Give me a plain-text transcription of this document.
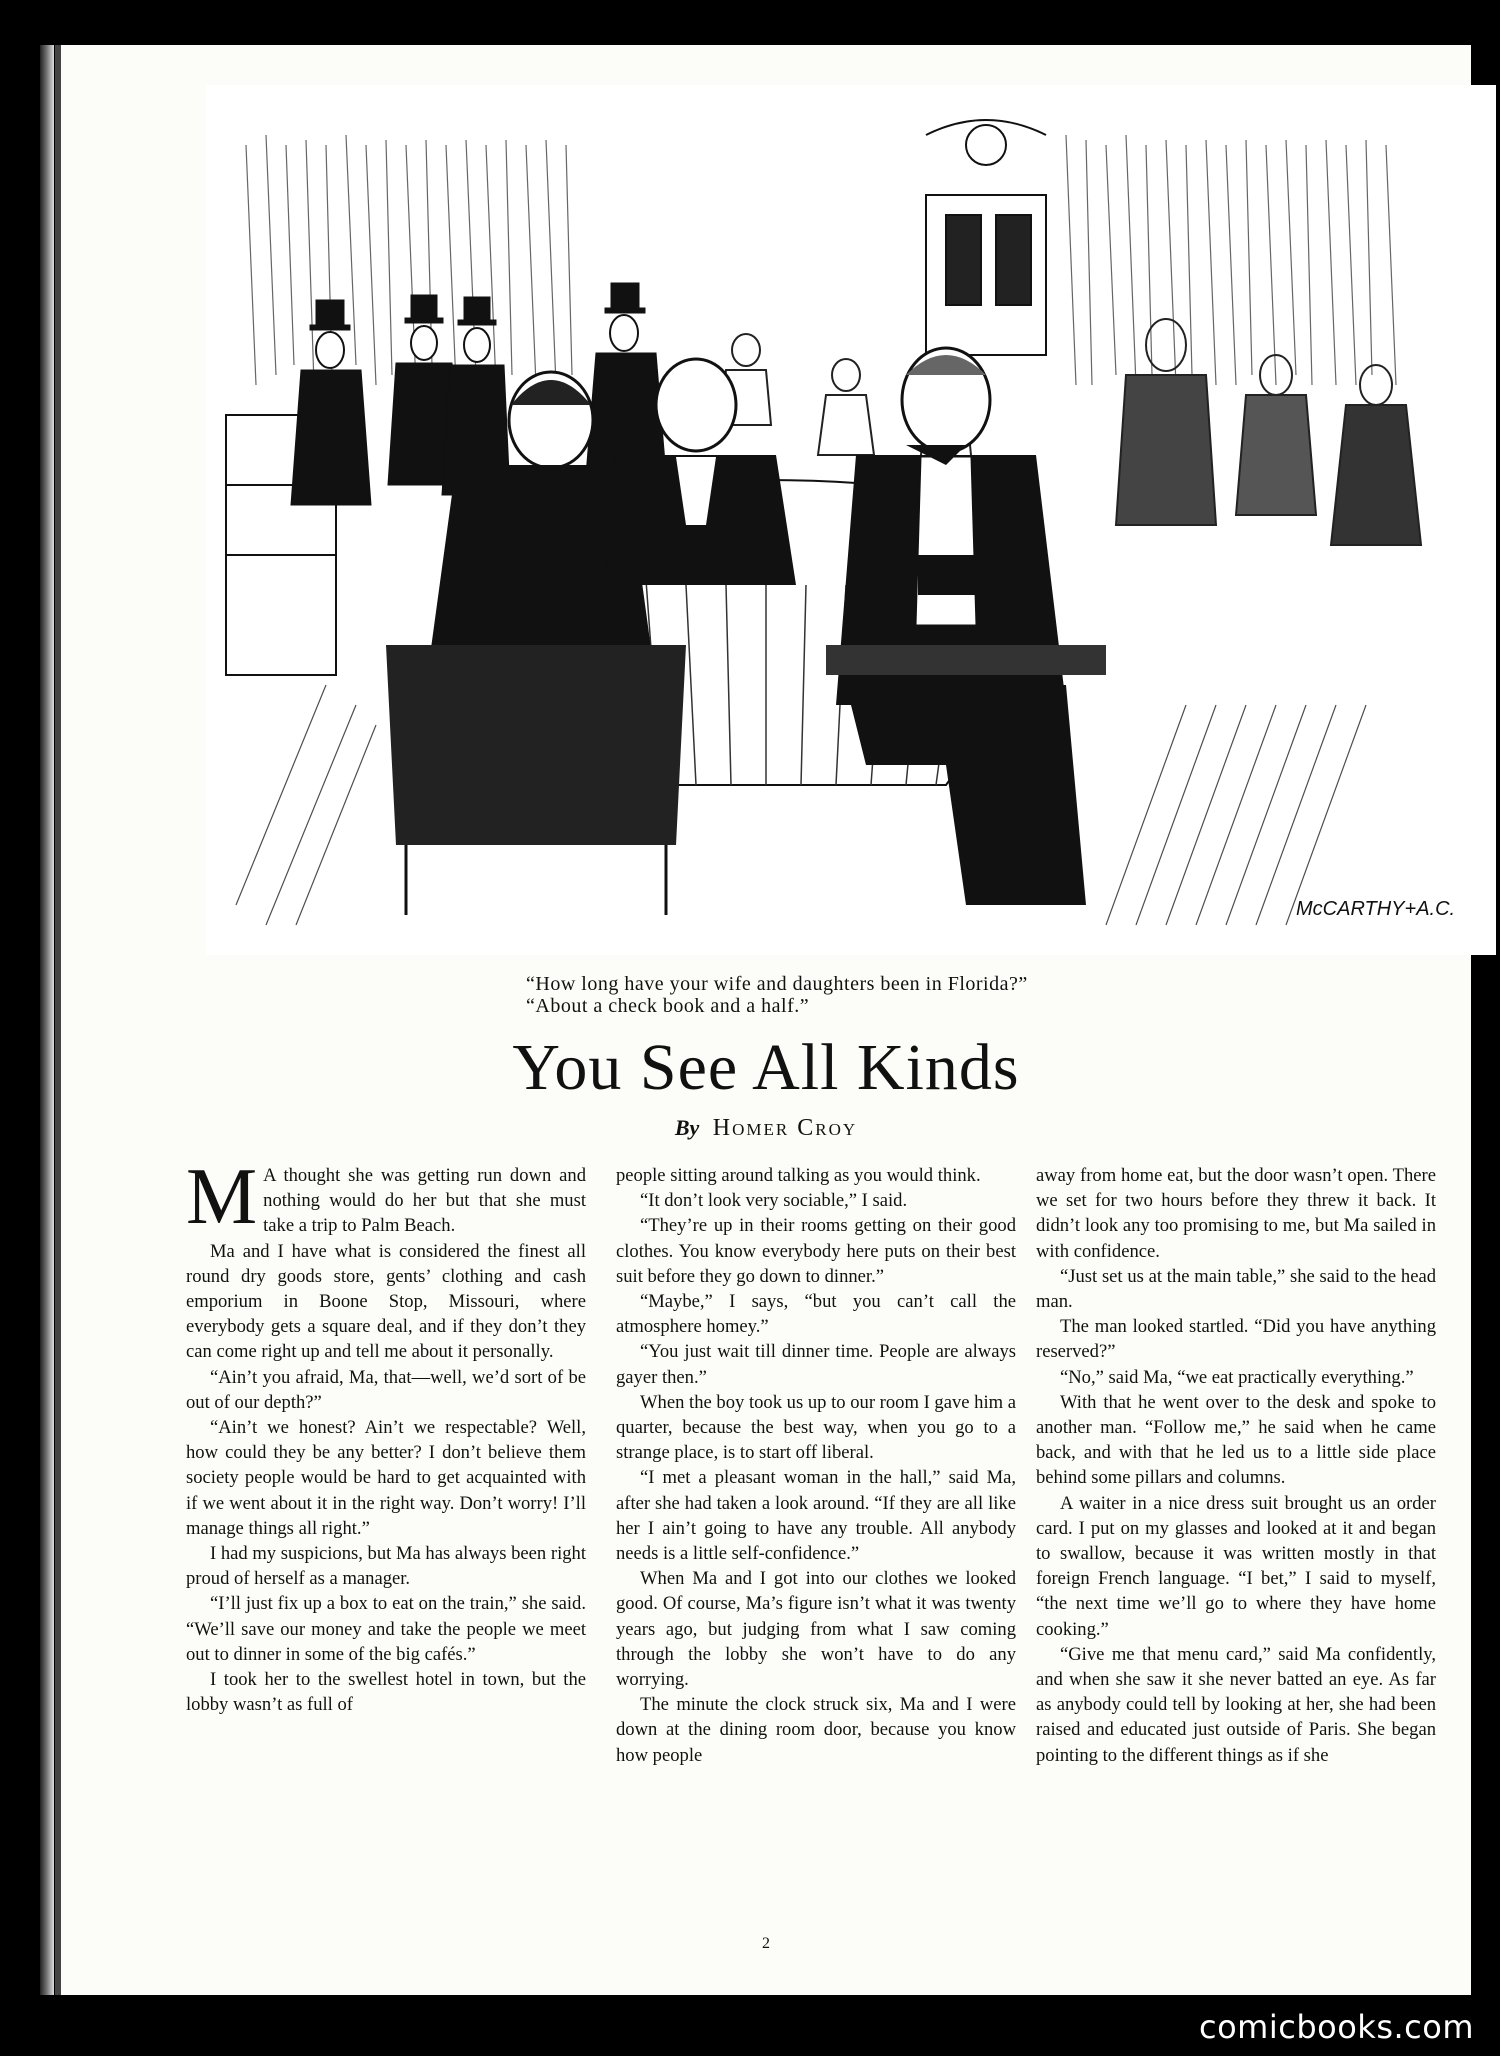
McCARTHY+A.C.
“How long have your wife and daughters been in Florida?”
“About a check book and a half.”
You See All Kinds
By Homer Croy

M A thought she was getting run down and nothing would do her but that she must take a trip to Palm Beach.

Ma and I have what is considered the finest all round dry goods store, gents’ clothing and cash emporium in Boone Stop, Missouri, where everybody gets a square deal, and if they don’t they can come right up and tell me about it personally.

“Ain’t you afraid, Ma, that—well, we’d sort of be out of our depth?”

“Ain’t we honest? Ain’t we respectable? Well, how could they be any better? I don’t believe them society people would be hard to get acquainted with if we went about it in the right way. Don’t worry! I’ll manage things all right.”

I had my suspicions, but Ma has always been right proud of herself as a manager.

“I’ll just fix up a box to eat on the train,” she said. “We’ll save our money and take the people we meet out to dinner in some of the big cafés.”

I took her to the swellest hotel in town, but the lobby wasn’t as full of

people sitting around talking as you would think.

“It don’t look very sociable,” I said.

“They’re up in their rooms getting on their good clothes. You know everybody here puts on their best suit before they go down to dinner.”

“Maybe,” I says, “but you can’t call the atmosphere homey.”

“You just wait till dinner time. People are always gayer then.”

When the boy took us up to our room I gave him a quarter, because the best way, when you go to a strange place, is to start off liberal.

“I met a pleasant woman in the hall,” said Ma, after she had taken a look around. “If they are all like her I ain’t going to have any trouble. All anybody needs is a little self-confidence.”

When Ma and I got into our clothes we looked good. Of course, Ma’s figure isn’t what it was twenty years ago, but judging from what I saw coming through the lobby she won’t have to do any worrying.

The minute the clock struck six, Ma and I were down at the dining room door, because you know how people

away from home eat, but the door wasn’t open. There we set for two hours before they threw it back. It didn’t look any too promising to me, but Ma sailed in with confidence.

“Just set us at the main table,” she said to the head man.

The man looked startled. “Did you have anything reserved?”

“No,” said Ma, “we eat practically everything.”

With that he went over to the desk and spoke to another man. “Follow me,” he said when he came back, and with that he led us to a little side place behind some pillars and columns.

A waiter in a nice dress suit brought us an order card. I put on my glasses and looked at it and began to swallow, because it was written mostly in that foreign French language. “I bet,” I said to myself, “the next time we’ll go to where they have home cooking.”

“Give me that menu card,” said Ma confidently, and when she saw it she never batted an eye. As far as anybody could tell by looking at her, she had been raised and educated just outside of Paris. She began pointing to the different things as if she

2
comicbooks.com
